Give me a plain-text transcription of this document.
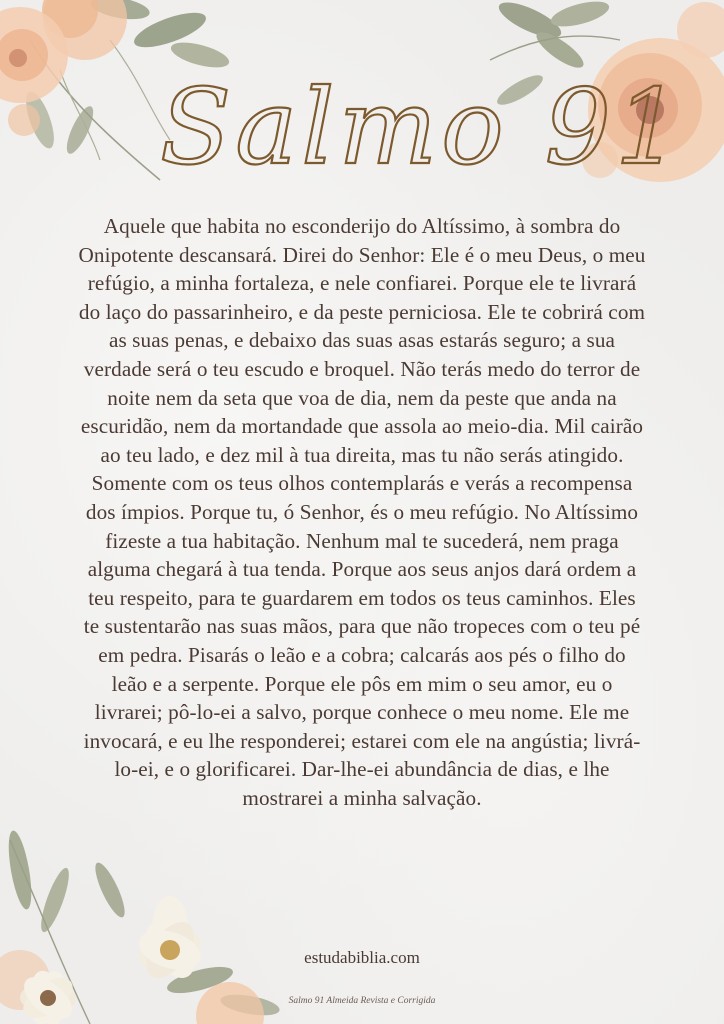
Salmo 91

Aquele que habita no esconderijo do Altíssimo, à sombra do Onipotente descansará. Direi do Senhor: Ele é o meu Deus, o meu refúgio, a minha fortaleza, e nele confiarei. Porque ele te livrará do laço do passarinheiro, e da peste perniciosa. Ele te cobrirá com as suas penas, e debaixo das suas asas estarás seguro; a sua verdade será o teu escudo e broquel. Não terás medo do terror de noite nem da seta que voa de dia, nem da peste que anda na escuridão, nem da mortandade que assola ao meio-dia. Mil cairão ao teu lado, e dez mil à tua direita, mas tu não serás atingido. Somente com os teus olhos contemplarás e verás a recompensa dos ímpios. Porque tu, ó Senhor, és o meu refúgio. No Altíssimo fizeste a tua habitação. Nenhum mal te sucederá, nem praga alguma chegará à tua tenda. Porque aos seus anjos dará ordem a teu respeito, para te guardarem em todos os teus caminhos. Eles te sustentarão nas suas mãos, para que não tropeces com o teu pé em pedra. Pisarás o leão e a cobra; calcarás aos pés o filho do leão e a serpente. Porque ele pôs em mim o seu amor, eu o livrarei; pô-lo-ei a salvo, porque conhece o meu nome. Ele me invocará, e eu lhe responderei; estarei com ele na angústia; livrá-lo-ei, e o glorificarei. Dar-lhe-ei abundância de dias, e lhe mostrarei a minha salvação.

estudabiblia.com
Salmo 91 Almeida Revista e Corrigida
